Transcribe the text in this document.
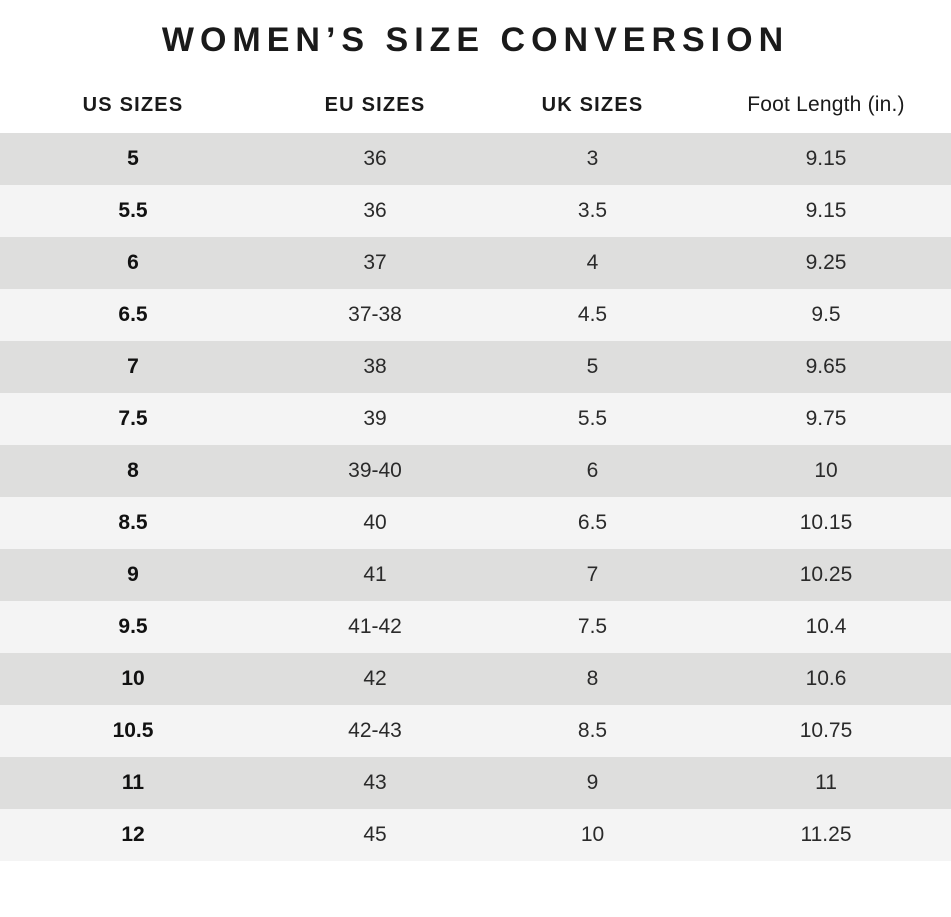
WOMEN’S SIZE CONVERSION
US SIZES	EU SIZES	UK SIZES	Foot Length (in.)
5	36	3	9.15
5.5	36	3.5	9.15
6	37	4	9.25
6.5	37-38	4.5	9.5
7	38	5	9.65
7.5	39	5.5	9.75
8	39-40	6	10
8.5	40	6.5	10.15
9	41	7	10.25
9.5	41-42	7.5	10.4
10	42	8	10.6
10.5	42-43	8.5	10.75
11	43	9	11
12	45	10	11.25
